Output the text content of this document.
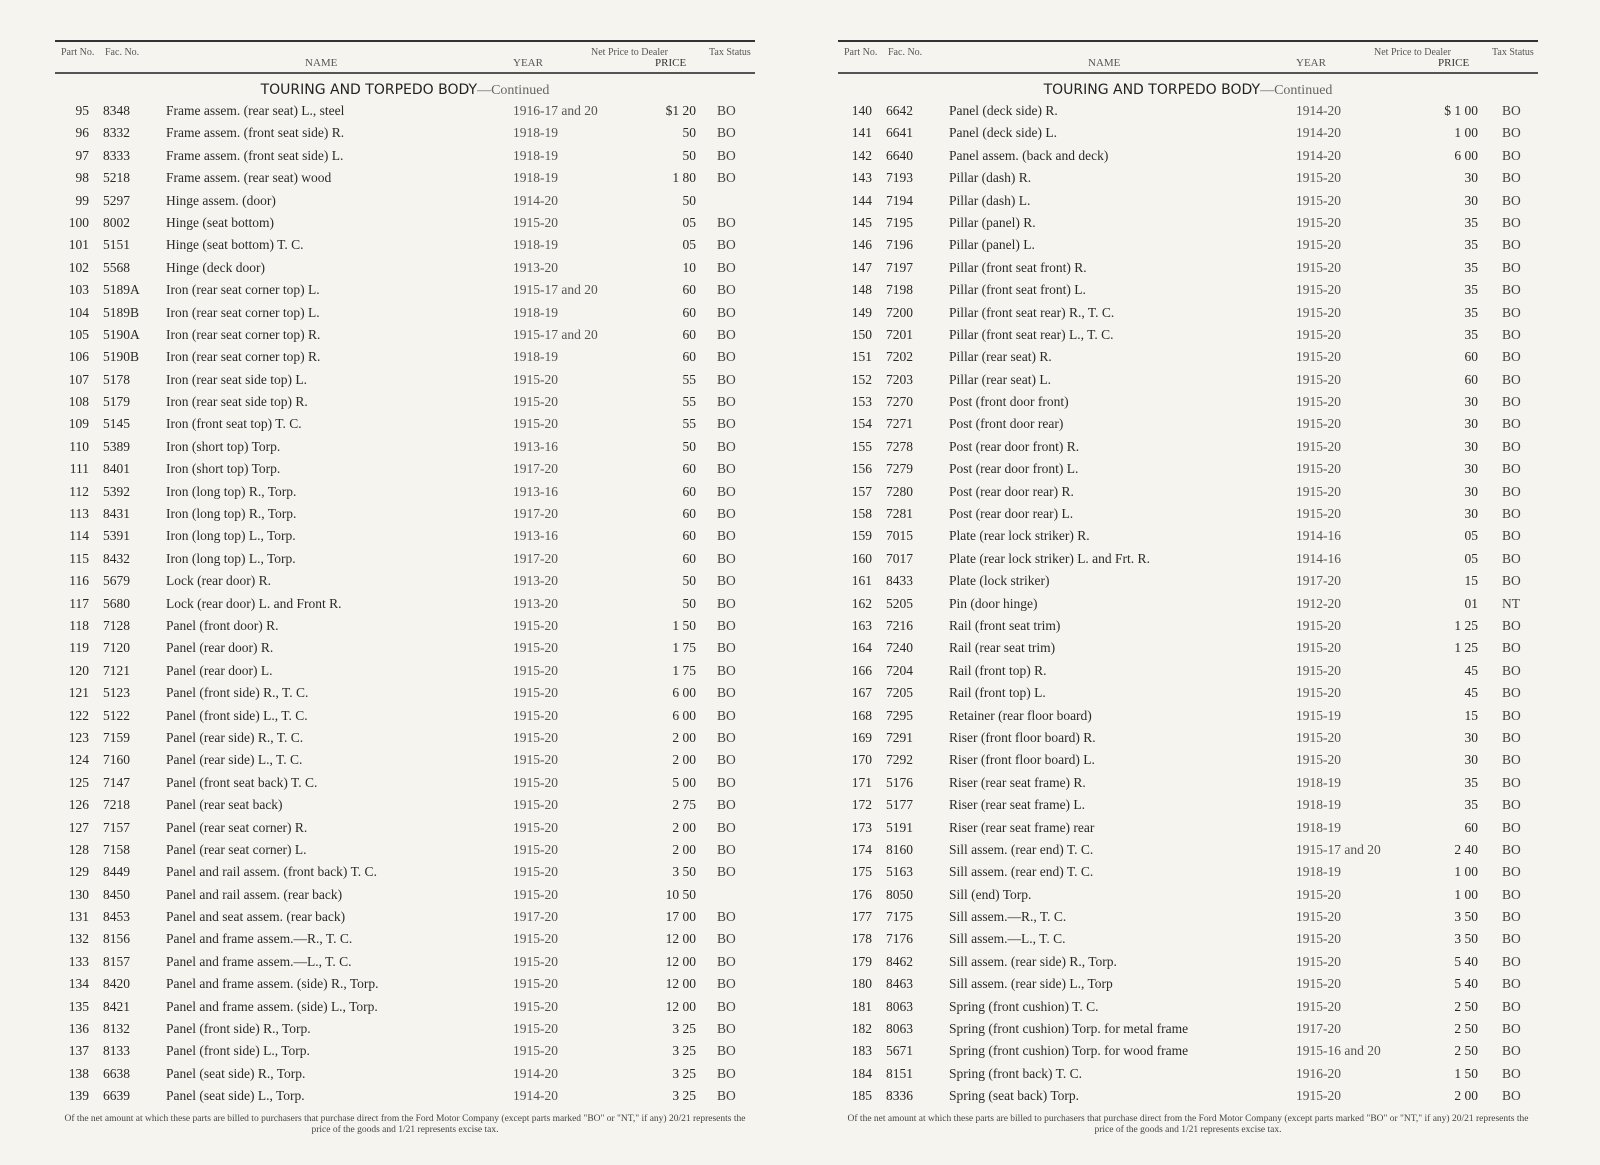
Part No. Fac. No.
NAME	YEAR
Net Price to Dealer
PRICE
Tax Status
TOURING AND TORPEDO BODY—Continued
95 8348	Frame assem. (rear seat) L., steel	1916-17 and 20	$1 20 BO
96 8332	Frame assem. (front seat side) R.	1918-19	50 BO
97 8333	Frame assem. (front seat side) L.	1918-19	50 BO
98 5218	Frame assem. (rear seat) wood	1918-19	1 80 BO
99 5297	Hinge assem. (door)	1914-20	50
100 8002	Hinge (seat bottom)	1915-20	05 BO
101 5151	Hinge (seat bottom) T. C.	1918-19	05 BO
102 5568	Hinge (deck door)	1913-20	10 BO
103 5189A Iron (rear seat corner top) L.	1915-17 and 20	60 BO
104 5189B Iron (rear seat corner top) L.	1918-19	60 BO
105 5190A Iron (rear seat corner top) R.	1915-17 and 20	60 BO
106 5190B Iron (rear seat corner top) R.	1918-19	60 BO
107 5178	Iron (rear seat side top) L.	1915-20	55 BO
108 5179	Iron (rear seat side top) R.	1915-20	55 BO
109 5145	Iron (front seat top) T. C.	1915-20	55 BO
110 5389	Iron (short top) Torp.	1913-16	50 BO
111 8401	Iron (short top) Torp.	1917-20	60 BO
112 5392	Iron (long top) R., Torp.	1913-16	60 BO
113 8431	Iron (long top) R., Torp.	1917-20	60 BO
114 5391	Iron (long top) L., Torp.	1913-16	60 BO
115 8432	Iron (long top) L., Torp.	1917-20	60 BO
116 5679	Lock (rear door) R.	1913-20	50 BO
117 5680	Lock (rear door) L. and Front R.	1913-20	50 BO
118 7128	Panel (front door) R.	1915-20	1 50 BO
119 7120	Panel (rear door) R.	1915-20	1 75 BO
120 7121	Panel (rear door) L.	1915-20	1 75 BO
121 5123	Panel (front side) R., T. C.	1915-20	6 00 BO
122 5122	Panel (front side) L., T. C.	1915-20	6 00 BO
123 7159	Panel (rear side) R., T. C.	1915-20	2 00 BO
124 7160	Panel (rear side) L., T. C.	1915-20	2 00 BO
125 7147	Panel (front seat back) T. C.	1915-20	5 00 BO
126 7218	Panel (rear seat back)	1915-20	2 75 BO
127 7157	Panel (rear seat corner) R.	1915-20	2 00 BO
128 7158	Panel (rear seat corner) L.	1915-20	2 00 BO
129 8449	Panel and rail assem. (front back) T. C.	1915-20	3 50 BO
130 8450	Panel and rail assem. (rear back)	1915-20	10 50
131 8453	Panel and seat assem. (rear back)	1917-20	17 00 BO
132 8156	Panel and frame assem.—R., T. C.	1915-20	12 00 BO
133 8157	Panel and frame assem.—L., T. C.	1915-20	12 00 BO
134 8420	Panel and frame assem. (side) R., Torp.	1915-20	12 00 BO
135 8421	Panel and frame assem. (side) L., Torp.	1915-20	12 00 BO
136 8132	Panel (front side) R., Torp.	1915-20	3 25 BO
137 8133	Panel (front side) L., Torp.	1915-20	3 25 BO
138 6638	Panel (seat side) R., Torp.	1914-20	3 25 BO
139 6639	Panel (seat side) L., Torp.	1914-20	3 25 BO
Of the net amount at which these parts are billed to purchasers that purchase direct from the Ford Motor Company (except parts marked "BO" or "NT," if any) 20/21 represents the price of the goods and 1/21 represents excise tax.
Part No. Fac. No.
NAME	YEAR
Net Price to Dealer
PRICE
Tax Status
TOURING AND TORPEDO BODY—Continued
140 6642	Panel (deck side) R.	1914-20	$ 1 00 BO
141 6641	Panel (deck side) L.	1914-20	1 00 BO
142 6640	Panel assem. (back and deck)	1914-20	6 00 BO
143 7193	Pillar (dash) R.	1915-20	30 BO
144 7194	Pillar (dash) L.	1915-20	30 BO
145 7195	Pillar (panel) R.	1915-20	35 BO
146 7196	Pillar (panel) L.	1915-20	35 BO
147 7197	Pillar (front seat front) R.	1915-20	35 BO
148 7198	Pillar (front seat front) L.	1915-20	35 BO
149 7200	Pillar (front seat rear) R., T. C.	1915-20	35 BO
150 7201	Pillar (front seat rear) L., T. C.	1915-20	35 BO
151 7202	Pillar (rear seat) R.	1915-20	60 BO
152 7203	Pillar (rear seat) L.	1915-20	60 BO
153 7270	Post (front door front)	1915-20	30 BO
154 7271	Post (front door rear)	1915-20	30 BO
155 7278	Post (rear door front) R.	1915-20	30 BO
156 7279	Post (rear door front) L.	1915-20	30 BO
157 7280	Post (rear door rear) R.	1915-20	30 BO
158 7281	Post (rear door rear) L.	1915-20	30 BO
159 7015	Plate (rear lock striker) R.	1914-16	05 BO
160 7017	Plate (rear lock striker) L. and Frt. R.	1914-16	05 BO
161 8433	Plate (lock striker)	1917-20	15 BO
162 5205	Pin (door hinge)	1912-20	01 NT
163 7216	Rail (front seat trim)	1915-20	1 25 BO
164 7240	Rail (rear seat trim)	1915-20	1 25 BO
166 7204	Rail (front top) R.	1915-20	45 BO
167 7205	Rail (front top) L.	1915-20	45 BO
168 7295	Retainer (rear floor board)	1915-19	15 BO
169 7291	Riser (front floor board) R.	1915-20	30 BO
170 7292	Riser (front floor board) L.	1915-20	30 BO
171 5176	Riser (rear seat frame) R.	1918-19	35 BO
172 5177	Riser (rear seat frame) L.	1918-19	35 BO
173 5191	Riser (rear seat frame) rear	1918-19	60 BO
174 8160	Sill assem. (rear end) T. C.	1915-17 and 20	2 40 BO
175 5163	Sill assem. (rear end) T. C.	1918-19	1 00 BO
176 8050	Sill (end) Torp.	1915-20	1 00 BO
177 7175	Sill assem.—R., T. C.	1915-20	3 50 BO
178 7176	Sill assem.—L., T. C.	1915-20	3 50 BO
179 8462	Sill assem. (rear side) R., Torp.	1915-20	5 40 BO
180 8463	Sill assem. (rear side) L., Torp	1915-20	5 40 BO
181 8063	Spring (front cushion) T. C.	1915-20	2 50 BO
182 8063	Spring (front cushion) Torp. for metal frame	1917-20	2 50 BO
183 5671	Spring (front cushion) Torp. for wood frame	1915-16 and 20	2 50 BO
184 8151	Spring (front back) T. C.	1916-20	1 50 BO
185 8336	Spring (seat back) Torp.	1915-20	2 00 BO
Of the net amount at which these parts are billed to purchasers that purchase direct from the Ford Motor Company (except parts marked "BO" or "NT," if any) 20/21 represents the price of the goods and 1/21 represents excise tax.
